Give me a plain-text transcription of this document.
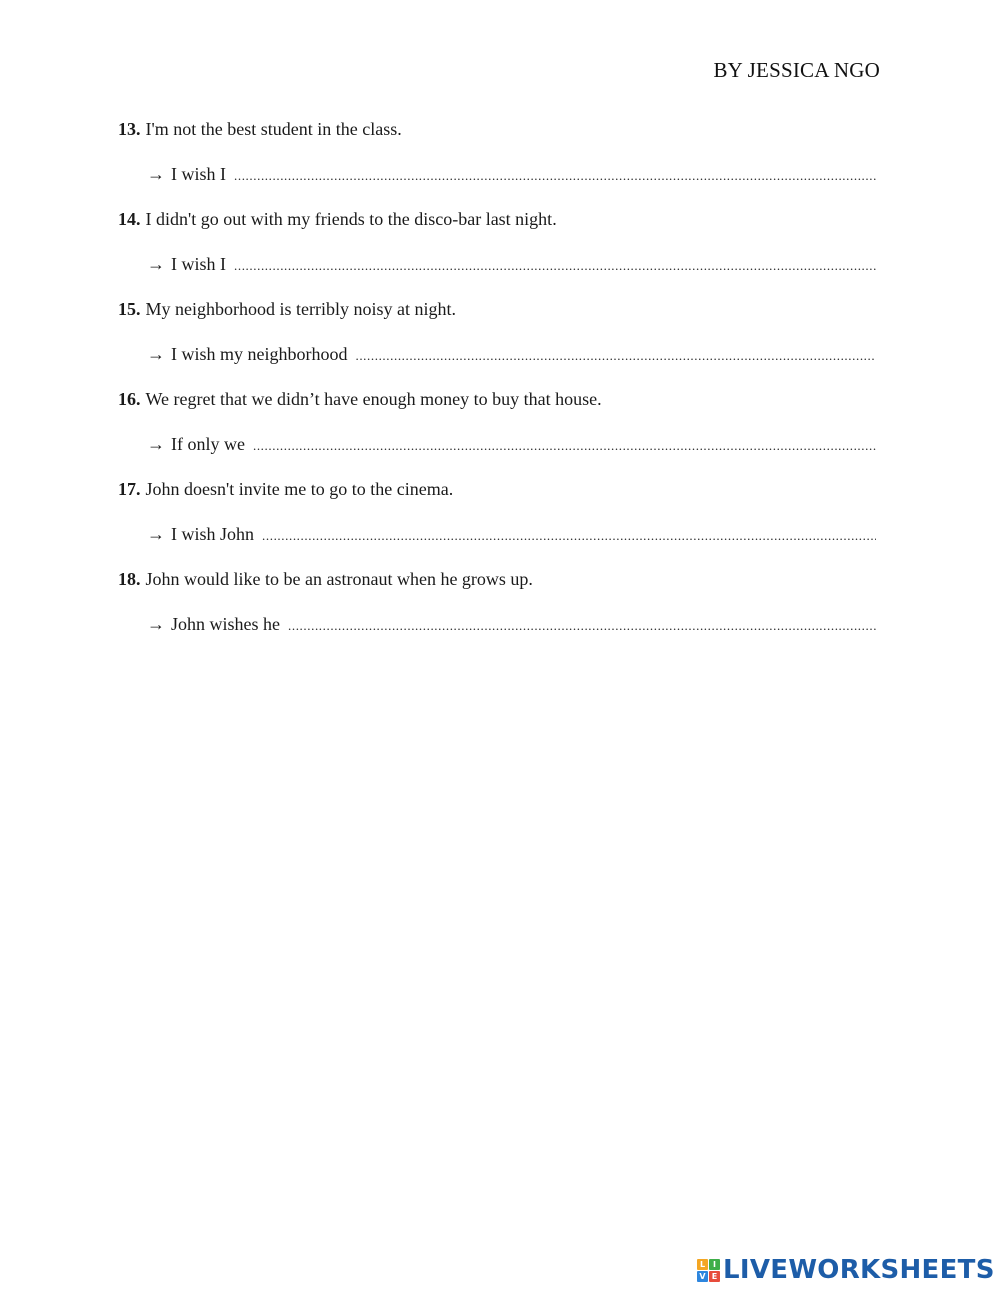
BY JESSICA NGO
13. I'm not the best student in the class.
→ I wish I
.....
14. I didn't go out with my friends to the disco-bar last night.
→ I wish I
.....
15. My neighborhood is terribly noisy at night.
→ I wish my neighborhood
.....
16. We regret that we didn’t have enough money to buy that house.
→ If only we
.....
17. John doesn't invite me to go to the cinema.
→ I wish John
.....
18. John would like to be an astronaut when he grows up.
→ John wishes he
.....
L I
V E LIVEWORKSHEETS
